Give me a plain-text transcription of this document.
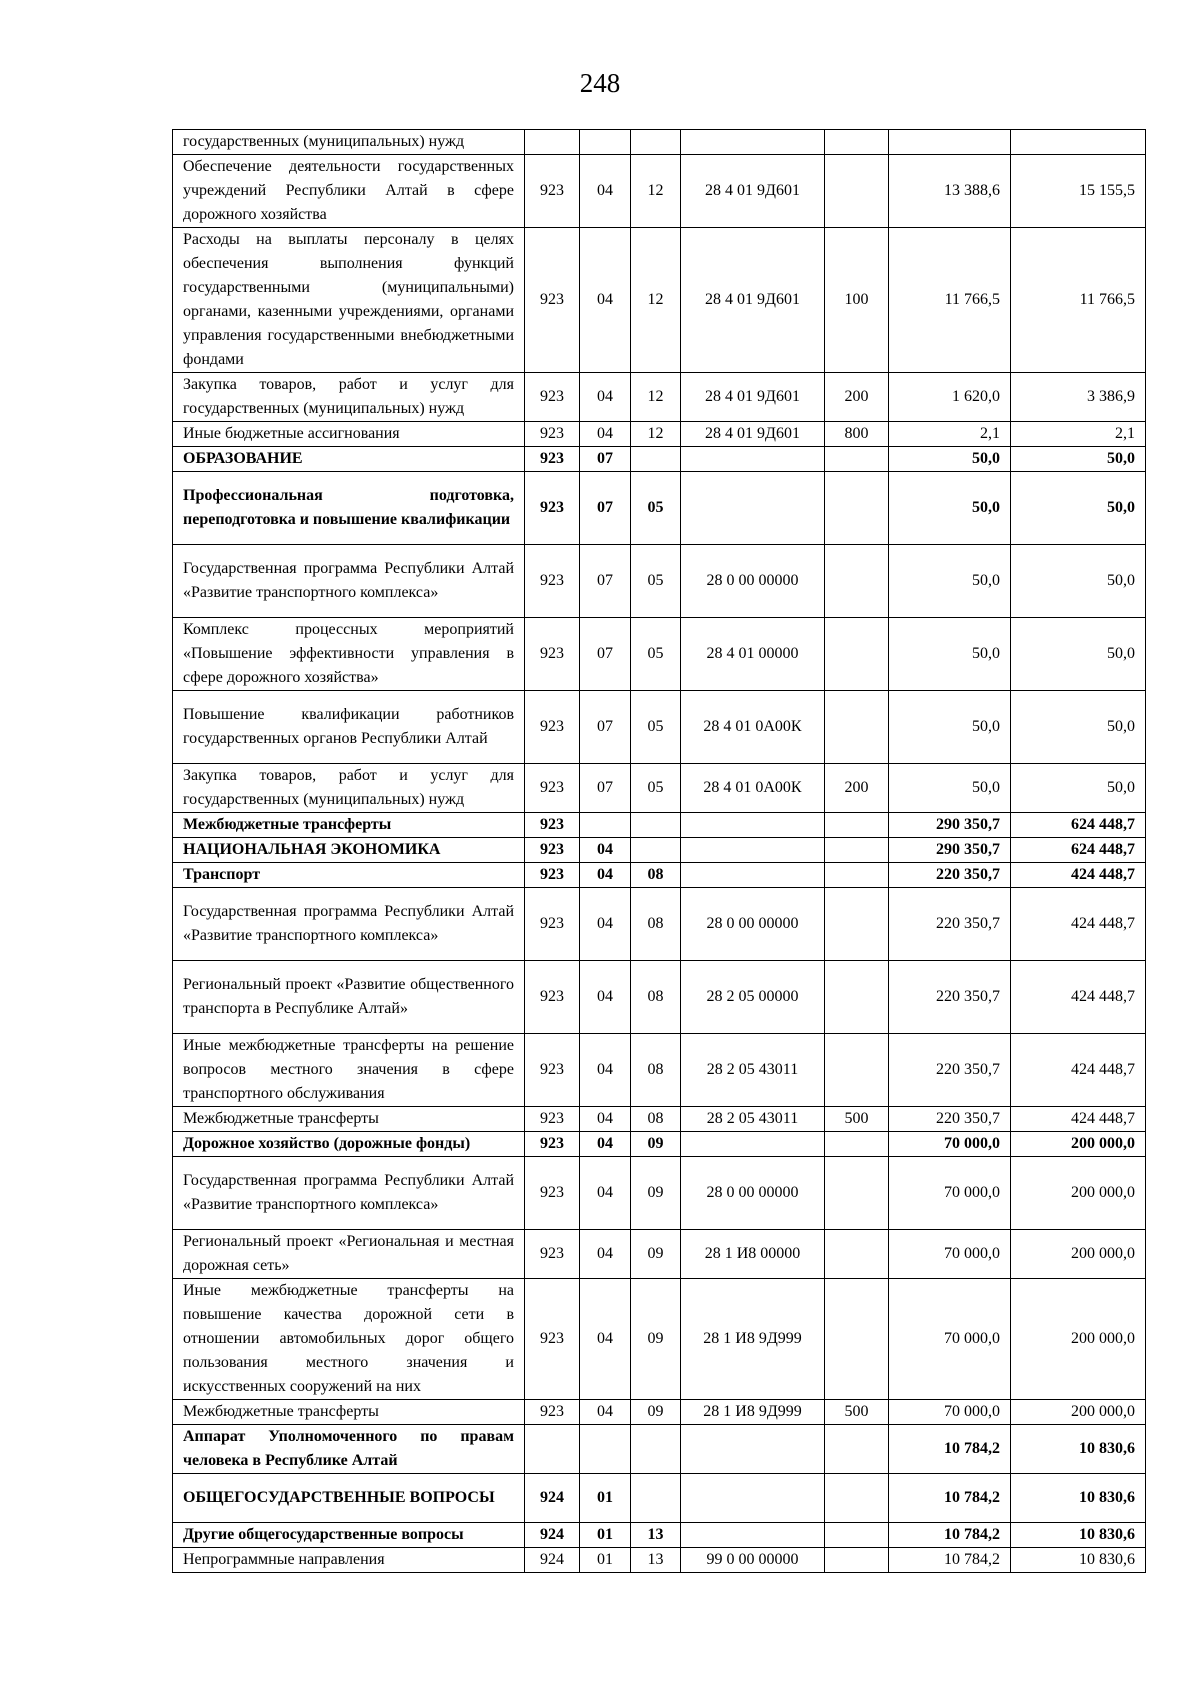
248
государственных (муниципальных) нужд							
Обеспечение деятельности государственных учреждений Республики Алтай в сфере дорожного хозяйства	923	04	12	28 4 01 9Д601		13 388,6	15 155,5
Расходы на выплаты персоналу в целях обеспечения выполнения функций государственными (муниципальными) органами, казенными учреждениями, органами управления государственными внебюджетными фондами	923	04	12	28 4 01 9Д601	100	11 766,5	11 766,5
Закупка товаров, работ и услуг для государственных (муниципальных) нужд	923	04	12	28 4 01 9Д601	200	1 620,0	3 386,9
Иные бюджетные ассигнования	923	04	12	28 4 01 9Д601	800	2,1	2,1
ОБРАЗОВАНИЕ	923	07				50,0	50,0
Профессиональная подготовка, переподготовка и повышение квалификации	923	07	05			50,0	50,0
Государственная программа Республики Алтай «Развитие транспортного комплекса»	923	07	05	28 0 00 00000		50,0	50,0
Комплекс процессных мероприятий «Повышение эффективности управления в сфере дорожного хозяйства»	923	07	05	28 4 01 00000		50,0	50,0
Повышение квалификации работников государственных органов Республики Алтай	923	07	05	28 4 01 0А00К		50,0	50,0
Закупка товаров, работ и услуг для государственных (муниципальных) нужд	923	07	05	28 4 01 0А00К	200	50,0	50,0
Межбюджетные трансферты	923					290 350,7	624 448,7
НАЦИОНАЛЬНАЯ ЭКОНОМИКА	923	04				290 350,7	624 448,7
Транспорт	923	04	08			220 350,7	424 448,7
Государственная программа Республики Алтай «Развитие транспортного комплекса»	923	04	08	28 0 00 00000		220 350,7	424 448,7
Региональный проект «Развитие общественного транспорта в Республике Алтай»	923	04	08	28 2 05 00000		220 350,7	424 448,7
Иные межбюджетные трансферты на решение вопросов местного значения в сфере транспортного обслуживания	923	04	08	28 2 05 43011		220 350,7	424 448,7
Межбюджетные трансферты	923	04	08	28 2 05 43011	500	220 350,7	424 448,7
Дорожное хозяйство (дорожные фонды)	923	04	09			70 000,0	200 000,0
Государственная программа Республики Алтай «Развитие транспортного комплекса»	923	04	09	28 0 00 00000		70 000,0	200 000,0
Региональный проект «Региональная и местная дорожная сеть»	923	04	09	28 1 И8 00000		70 000,0	200 000,0
Иные межбюджетные трансферты на повышение качества дорожной сети в отношении автомобильных дорог общего пользования местного значения и искусственных сооружений на них	923	04	09	28 1 И8 9Д999		70 000,0	200 000,0
Межбюджетные трансферты	923	04	09	28 1 И8 9Д999	500	70 000,0	200 000,0
Аппарат Уполномоченного по правам человека в Республике Алтай						10 784,2	10 830,6
ОБЩЕГОСУДАРСТВЕННЫЕ ВОПРОСЫ	924	01				10 784,2	10 830,6
Другие общегосударственные вопросы	924	01	13			10 784,2	10 830,6
Непрограммные направления	924	01	13	99 0 00 00000		10 784,2	10 830,6
